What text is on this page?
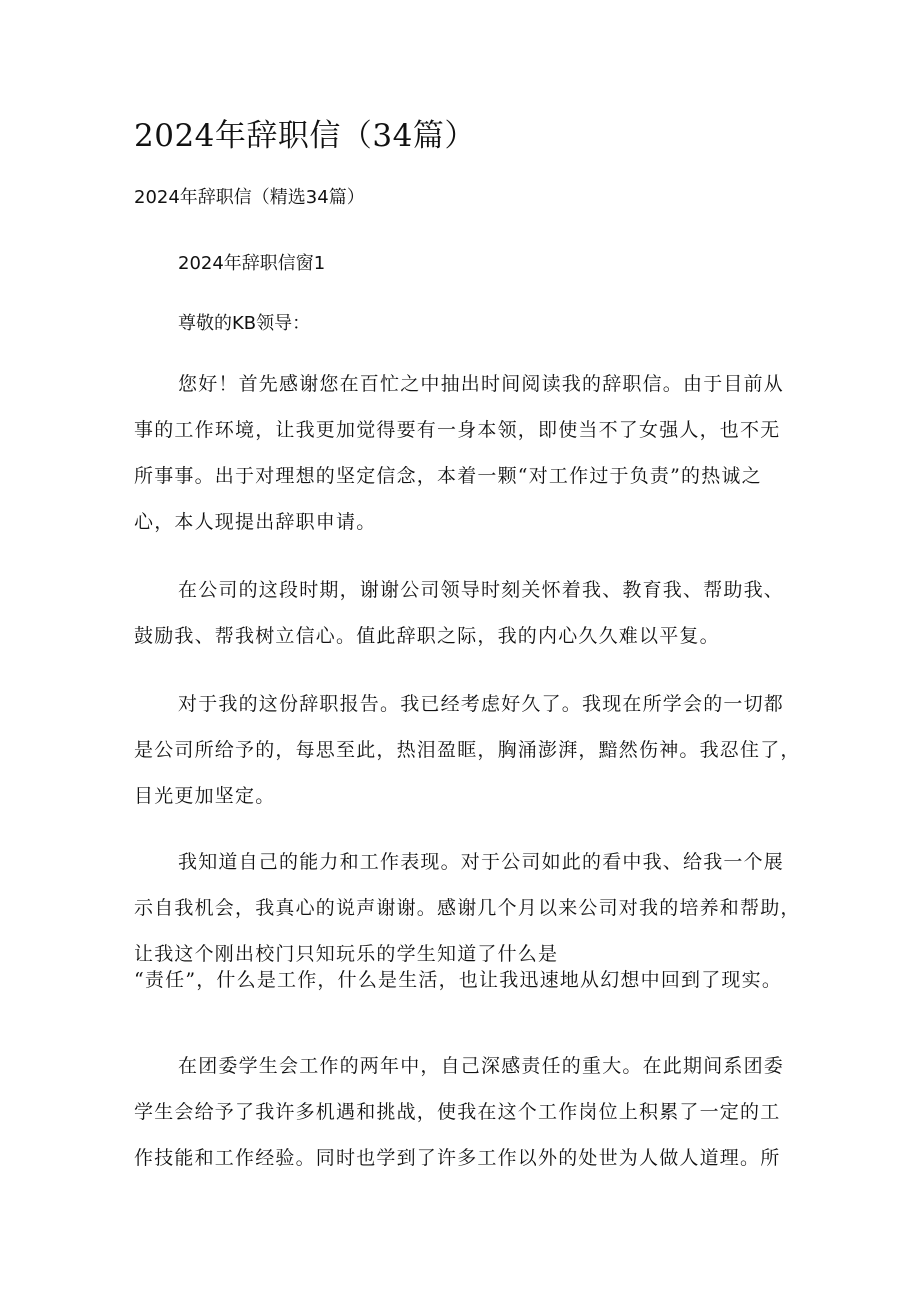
2024年辞职信（34篇）
2024年辞职信（精选34篇）
2024年辞职信窗1
尊敬的KB领导：
您好！首先感谢您在百忙之中抽出时间阅读我的辞职信。由于目前从
事的工作环境，让我更加觉得要有一身本领，即使当不了女强人，也不无
所事事。出于对理想的坚定信念，本着一颗“对工作过于负责”的热诚之
心，本人现提出辞职申请。
在公司的这段时期，谢谢公司领导时刻关怀着我、教育我、帮助我、
鼓励我、帮我树立信心。值此辞职之际，我的内心久久难以平复。
对于我的这份辞职报告。我已经考虑好久了。我现在所学会的一切都
是公司所给予的，每思至此，热泪盈眶，胸涌澎湃，黯然伤神。我忍住了，
目光更加坚定。
我知道自己的能力和工作表现。对于公司如此的看中我、给我一个展
示自我机会，我真心的说声谢谢。感谢几个月以来公司对我的培养和帮助，
让我这个刚出校门只知玩乐的学生知道了什么是
“责任”，什么是工作，什么是生活，也让我迅速地从幻想中回到了现实。
在团委学生会工作的两年中，自己深感责任的重大。在此期间系团委
学生会给予了我许多机遇和挑战，使我在这个工作岗位上积累了一定的工
作技能和工作经验。同时也学到了许多工作以外的处世为人做人道理。所
